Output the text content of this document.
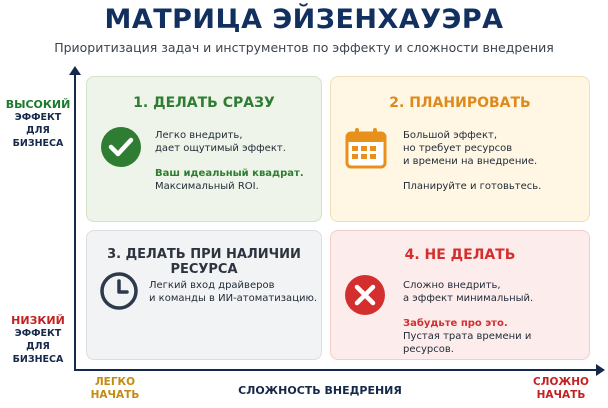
МАТРИЦА ЭЙЗЕНХАУЭРА
Приоритизация задач и инструментов по эффекту и сложности внедрения
ВЫСОКИЙ
ЭФФЕКТ
ДЛЯ БИЗНЕСА
НИЗКИЙ
ЭФФЕКТ
ДЛЯ БИЗНЕСА
ЛЕГКО
НАЧАТЬ	СЛОЖНОСТЬ ВНЕДРЕНИЯ
СЛОЖНО
НАЧАТЬ
1. ДЕЛАТЬ СРАЗУ

Легко внедрить,

дает ощутимый эффект.

Ваш идеальный квадрат.

Максимальный ROI.

2. ПЛАНИРОВАТЬ

Большой эффект,

но требует ресурсов

и времени на внедрение.

Планируйте и готовьтесь.

3. ДЕЛАТЬ ПРИ НАЛИЧИИ РЕСУРСА

Легкий вход драйверов

и команды в ИИ-атоматизацию.

4. НЕ ДЕЛАТЬ

Сложно внедрить,

а эффект минимальный.

Забудьте про это.

Пустая трата времени и ресурсов.
